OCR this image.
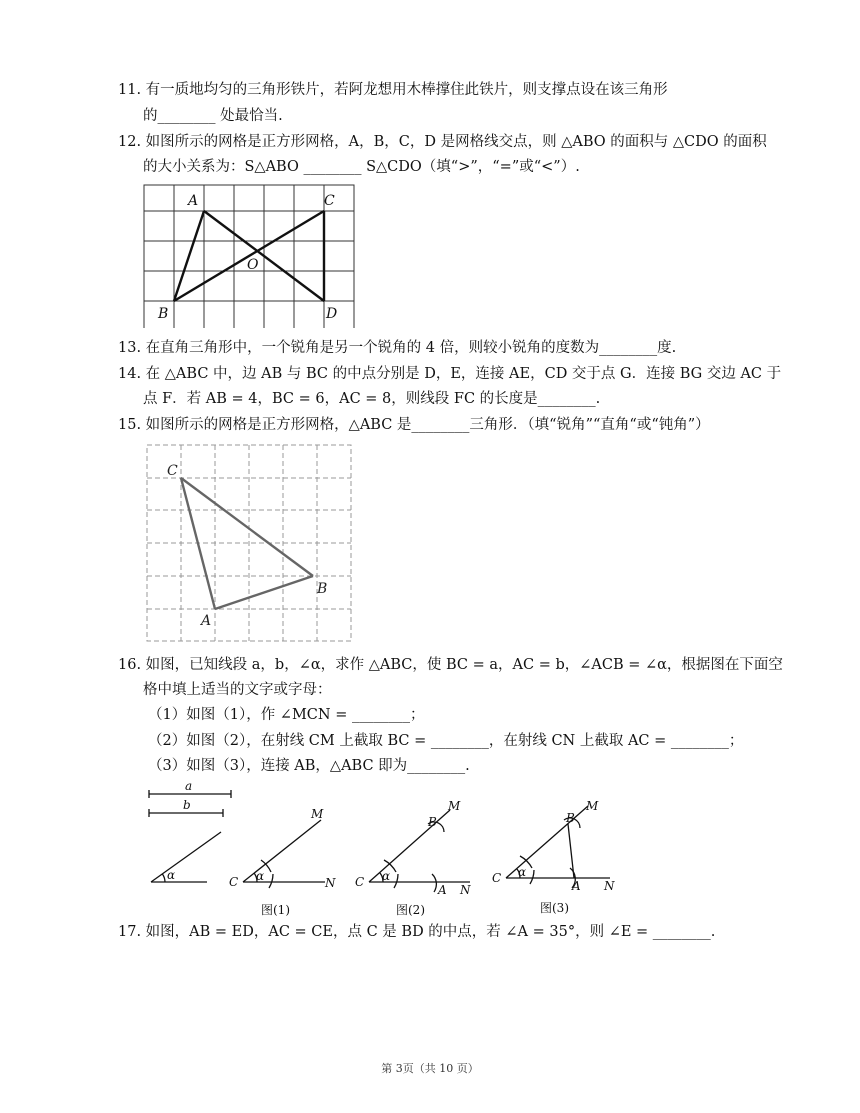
11. 有一质地均匀的三角形铁片，若阿龙想用木棒撑住此铁片，则支撑点设在该三角形
的________ 处最恰当.
12. 如图所示的网格是正方形网格，A，B，C，D 是网格线交点，则 △ABO 的面积与 △CDO 的面积
的大小关系为：S△ABO ________ S△CDO（填“>”，“=”或“<”）.
A
B
C
D
O
13. 在直角三角形中，一个锐角是另一个锐角的 4 倍，则较小锐角的度数为________度.
14. 在 △ABC 中，边 AB 与 BC 的中点分别是 D，E，连接 AE，CD 交于点 G．连接 BG 交边 AC 于
点 F．若 AB = 4，BC = 6，AC = 8，则线段 FC 的长度是________.
15. 如图所示的网格是正方形网格，△ABC 是________三角形．（填“锐角”“直角“或“钝角”）
C
B
A
16. 如图，已知线段 a，b，∠α，求作 △ABC，使 BC = a，AC = b，∠ACB = ∠α，根据图在下面空
格中填上适当的文字或字母：
（1）如图（1），作 ∠MCN = ________；
（2）如图（2），在射线 CM 上截取 BC = ________，在射线 CN 上截取 AC = ________；
（3）如图（3），连接 AB，△ABC 即为________.
a
b
α
M
C	N
α
图(1)
M
B
C
A N
α
图(2)
M
B
C
A N
α
图(3)
17. 如图，AB = ED，AC = CE，点 C 是 BD 的中点，若 ∠A = 35°，则 ∠E = ________.
第 3页（共 10 页）
